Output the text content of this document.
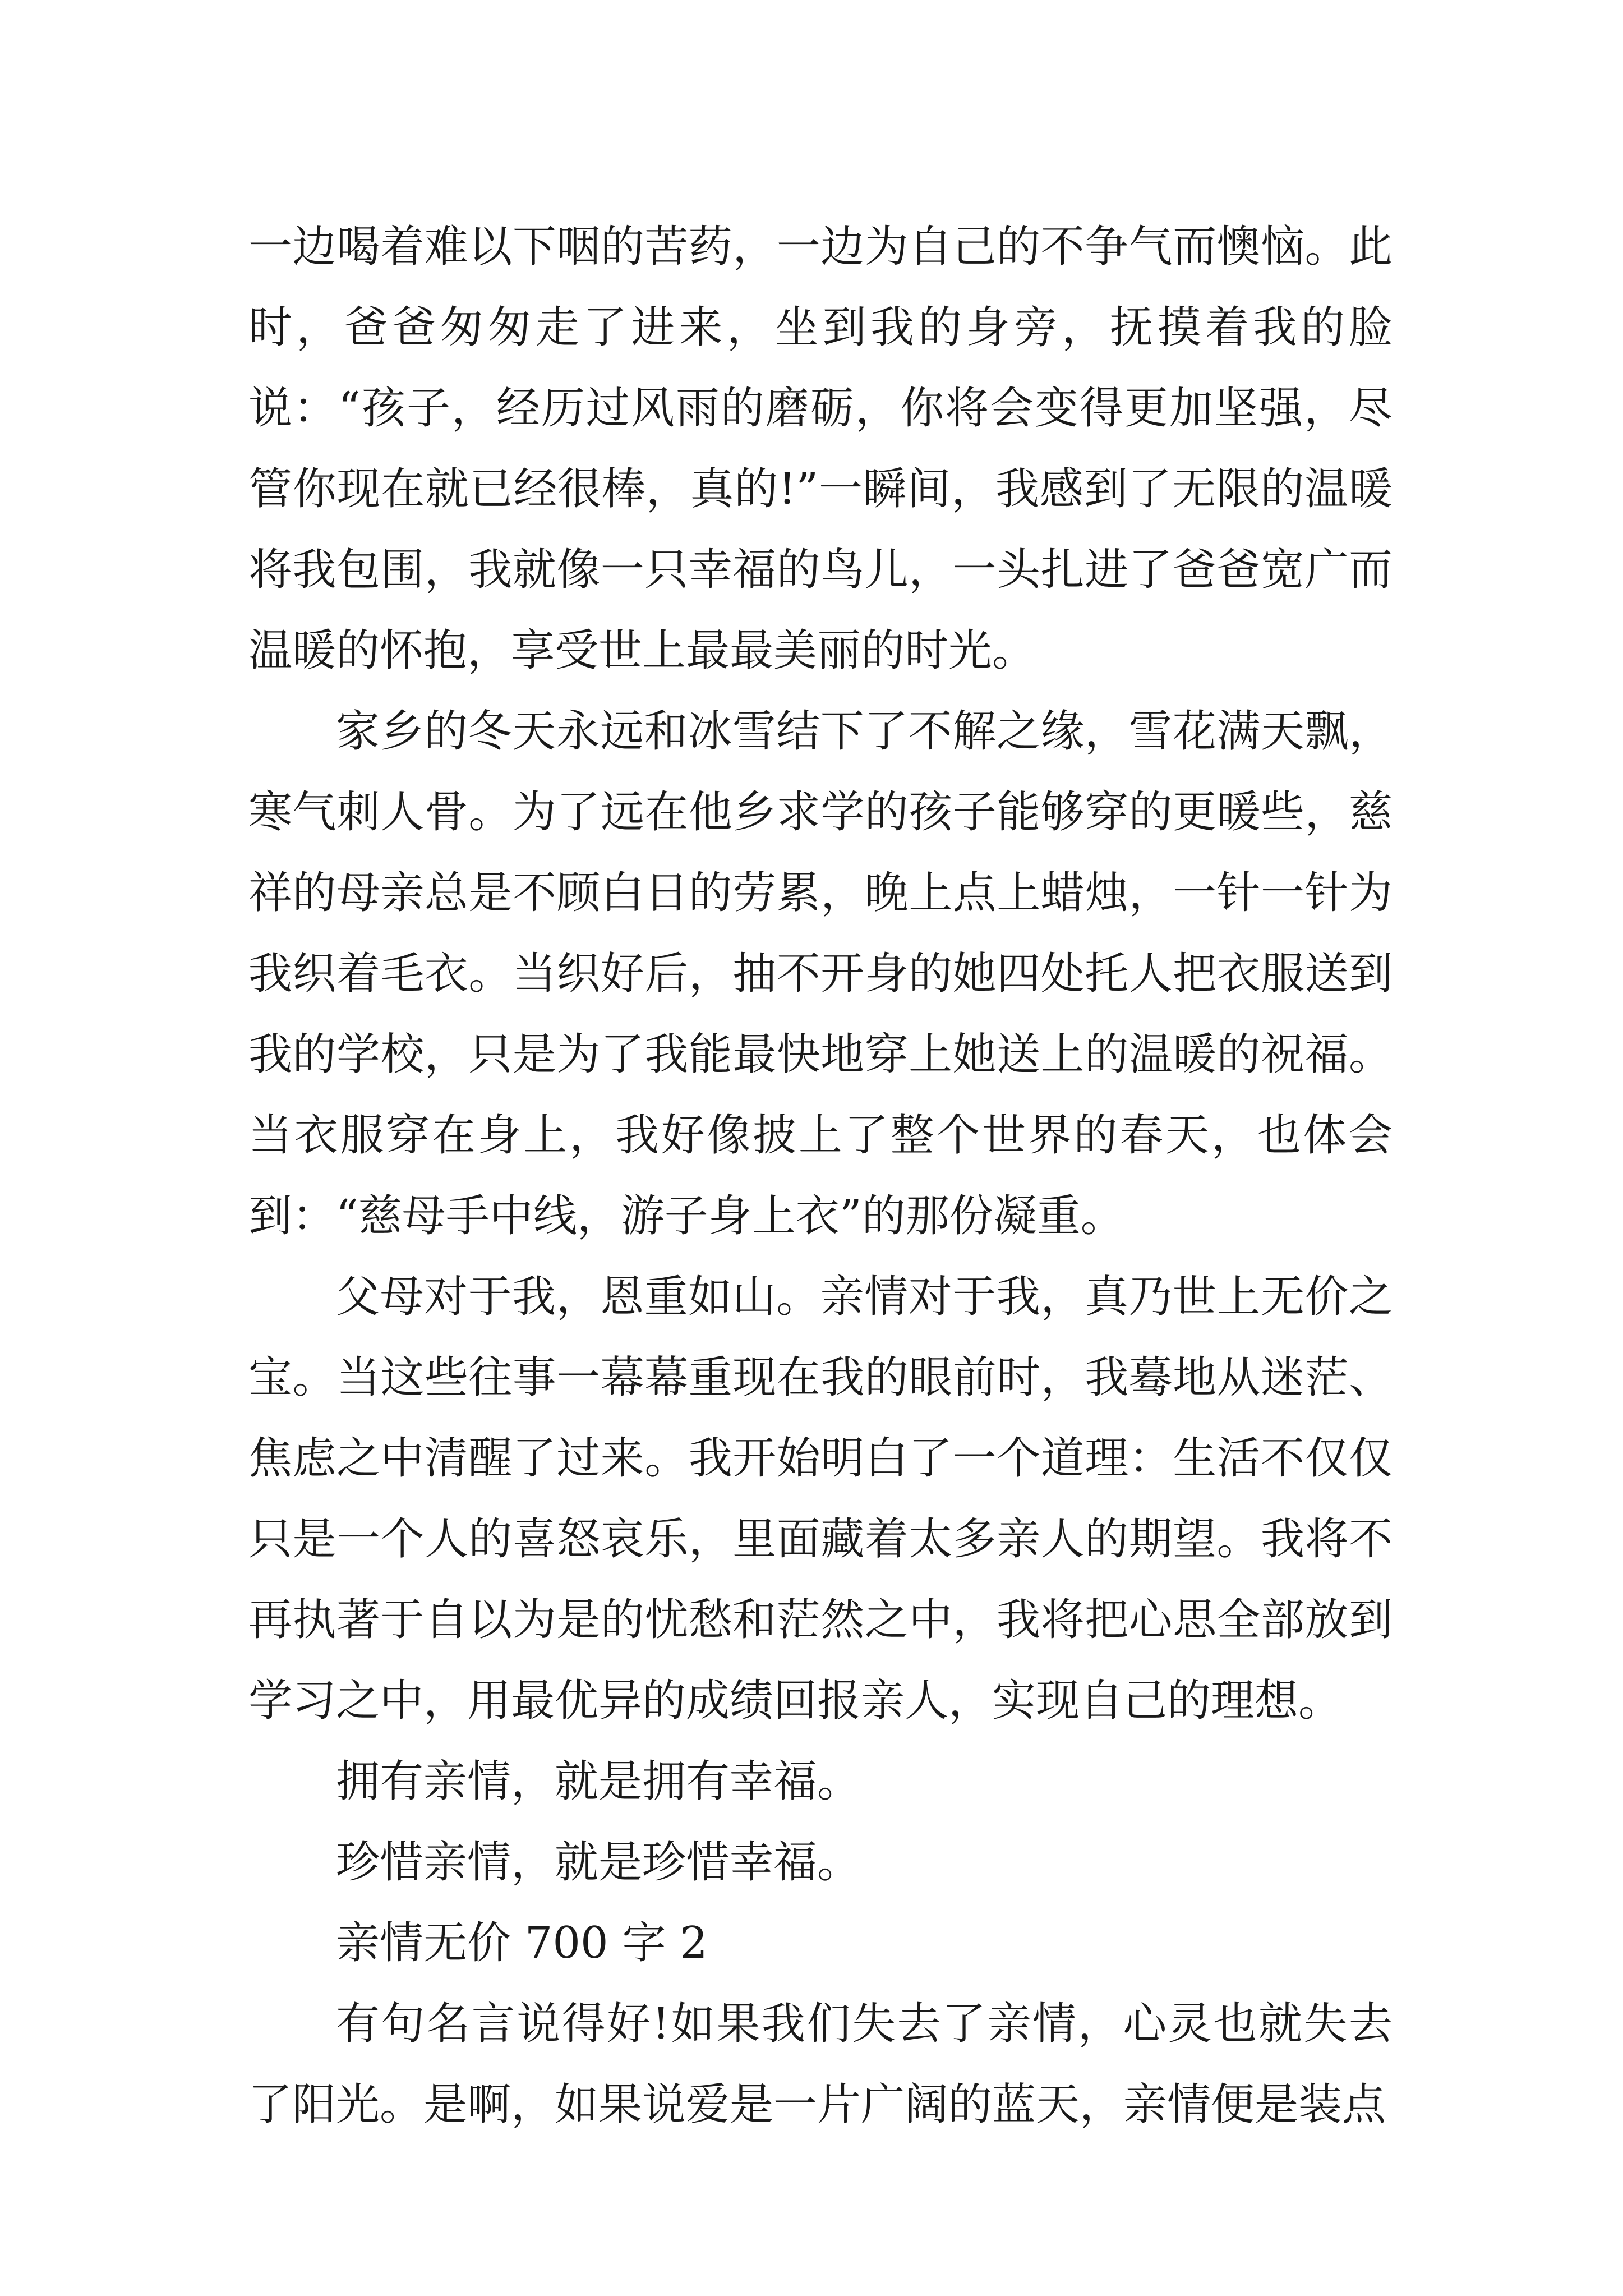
一边喝着难以下咽的苦药，一边为自己的不争气而懊恼。此时，爸爸匆匆走了进来，坐到我的身旁，抚摸着我的脸说：“孩子，经历过风雨的磨砺，你将会变得更加坚强，尽管你现在就已经很棒，真的!”一瞬间，我感到了无限的温暖将我包围，我就像一只幸福的鸟儿，一头扎进了爸爸宽广而温暖的怀抱，享受世上最最美丽的时光。

家乡的冬天永远和冰雪结下了不解之缘，雪花满天飘，寒气刺人骨。为了远在他乡求学的孩子能够穿的更暖些，慈祥的母亲总是不顾白日的劳累，晚上点上蜡烛，一针一针为我织着毛衣。当织好后，抽不开身的她四处托人把衣服送到我的学校，只是为了我能最快地穿上她送上的温暖的祝福。当衣服穿在身上，我好像披上了整个世界的春天，也体会到：“慈母手中线，游子身上衣”的那份凝重。

父母对于我，恩重如山。亲情对于我，真乃世上无价之宝。当这些往事一幕幕重现在我的眼前时，我蓦地从迷茫、焦虑之中清醒了过来。我开始明白了一个道理：生活不仅仅只是一个人的喜怒哀乐，里面藏着太多亲人的期望。我将不再执著于自以为是的忧愁和茫然之中，我将把心思全部放到学习之中，用最优异的成绩回报亲人，实现自己的理想。

拥有亲情，就是拥有幸福。

珍惜亲情，就是珍惜幸福。

亲情无价 700 字 2

有句名言说得好!如果我们失去了亲情，心灵也就失去了阳光。是啊，如果说爱是一片广阔的蓝天，亲情便是装点
